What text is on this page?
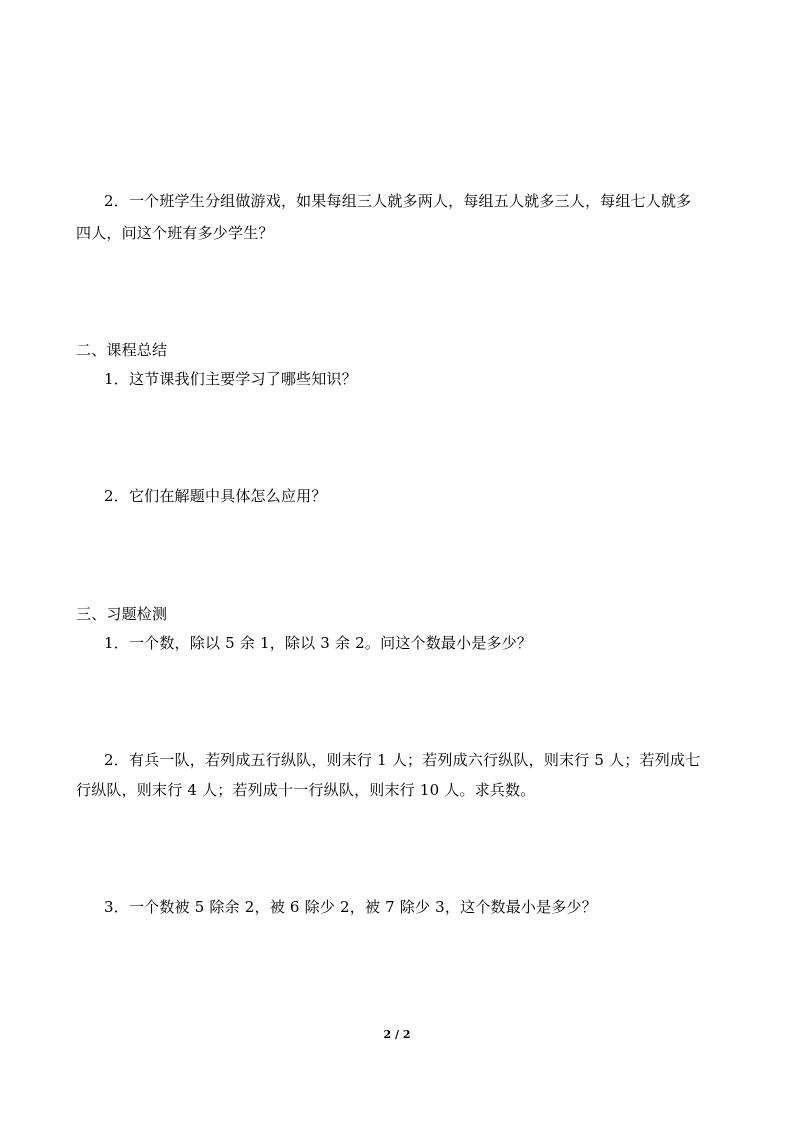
2．一个班学生分组做游戏，如果每组三人就多两人，每组五人就多三人，每组七人就多
四人，问这个班有多少学生？
二、课程总结
1．这节课我们主要学习了哪些知识？
2．它们在解题中具体怎么应用？
三、习题检测
1．一个数，除以 5 余 1，除以 3 余 2。问这个数最小是多少？
2．有兵一队，若列成五行纵队，则末行 1 人；若列成六行纵队，则末行 5 人；若列成七
行纵队，则末行 4 人；若列成十一行纵队，则末行 10 人。求兵数。
3．一个数被 5 除余 2，被 6 除少 2，被 7 除少 3，这个数最小是多少？
2 / 2
